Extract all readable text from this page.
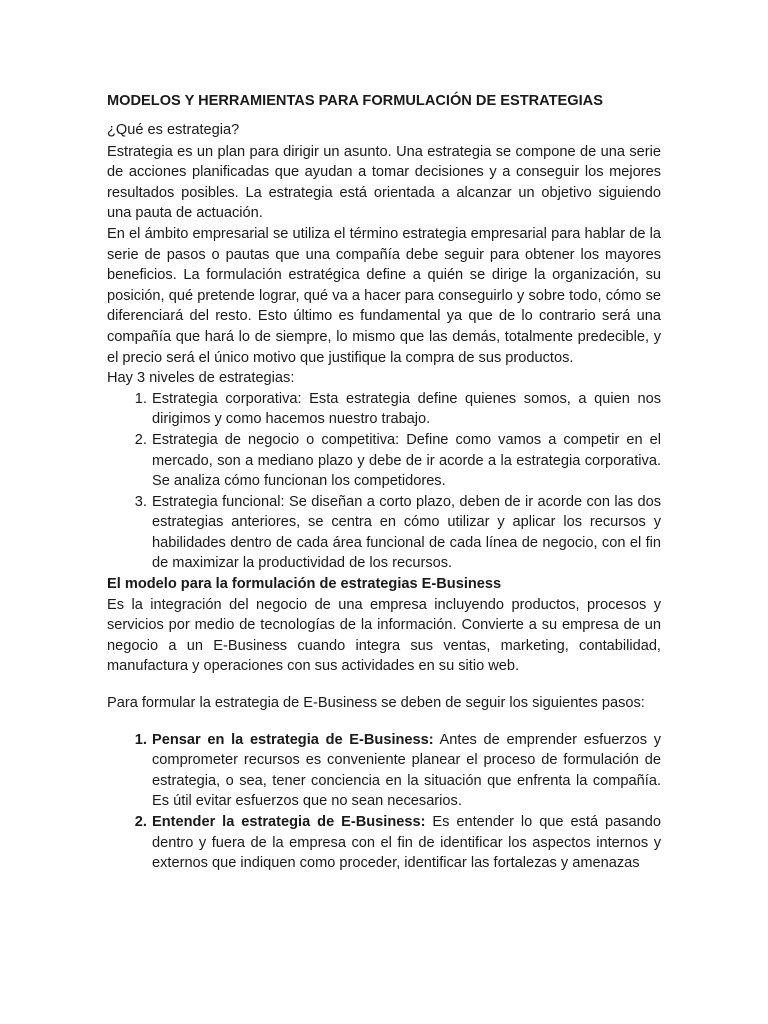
MODELOS Y HERRAMIENTAS PARA FORMULACIÓN DE ESTRATEGIAS

¿Qué es estrategia?

Estrategia es un plan para dirigir un asunto. Una estrategia se compone de una serie de acciones planificadas que ayudan a tomar decisiones y a conseguir los mejores resultados posibles. La estrategia está orientada a alcanzar un objetivo siguiendo una pauta de actuación.

En el ámbito empresarial se utiliza el término estrategia empresarial para hablar de la serie de pasos o pautas que una compañía debe seguir para obtener los mayores beneficios. La formulación estratégica define a quién se dirige la organización, su posición, qué pretende lograr, qué va a hacer para conseguirlo y sobre todo, cómo se diferenciará del resto. Esto último es fundamental ya que de lo contrario será una compañía que hará lo de siempre, lo mismo que las demás, totalmente predecible, y el precio será el único motivo que justifique la compra de sus productos.

Hay 3 niveles de estrategias:

1. Estrategia corporativa: Esta estrategia define quienes somos, a quien nos dirigimos y como hacemos nuestro trabajo.
2. Estrategia de negocio o competitiva: Define como vamos a competir en el mercado, son a mediano plazo y debe de ir acorde a la estrategia corporativa. Se analiza cómo funcionan los competidores.
3. Estrategia funcional: Se diseñan a corto plazo, deben de ir acorde con las dos estrategias anteriores, se centra en cómo utilizar y aplicar los recursos y habilidades dentro de cada área funcional de cada línea de negocio, con el fin de maximizar la productividad de los recursos.

El modelo para la formulación de estrategias E-Business

Es la integración del negocio de una empresa incluyendo productos, procesos y servicios por medio de tecnologías de la información. Convierte a su empresa de un negocio a un E-Business cuando integra sus ventas, marketing, contabilidad, manufactura y operaciones con sus actividades en su sitio web.

Para formular la estrategia de E-Business se deben de seguir los siguientes pasos:

1. Pensar en la estrategia de E-Business: Antes de emprender esfuerzos y comprometer recursos es conveniente planear el proceso de formulación de estrategia, o sea, tener conciencia en la situación que enfrenta la compañía. Es útil evitar esfuerzos que no sean necesarios.
2. Entender la estrategia de E-Business: Es entender lo que está pasando dentro y fuera de la empresa con el fin de identificar los aspectos internos y externos que indiquen como proceder, identificar las fortalezas y amenazas
